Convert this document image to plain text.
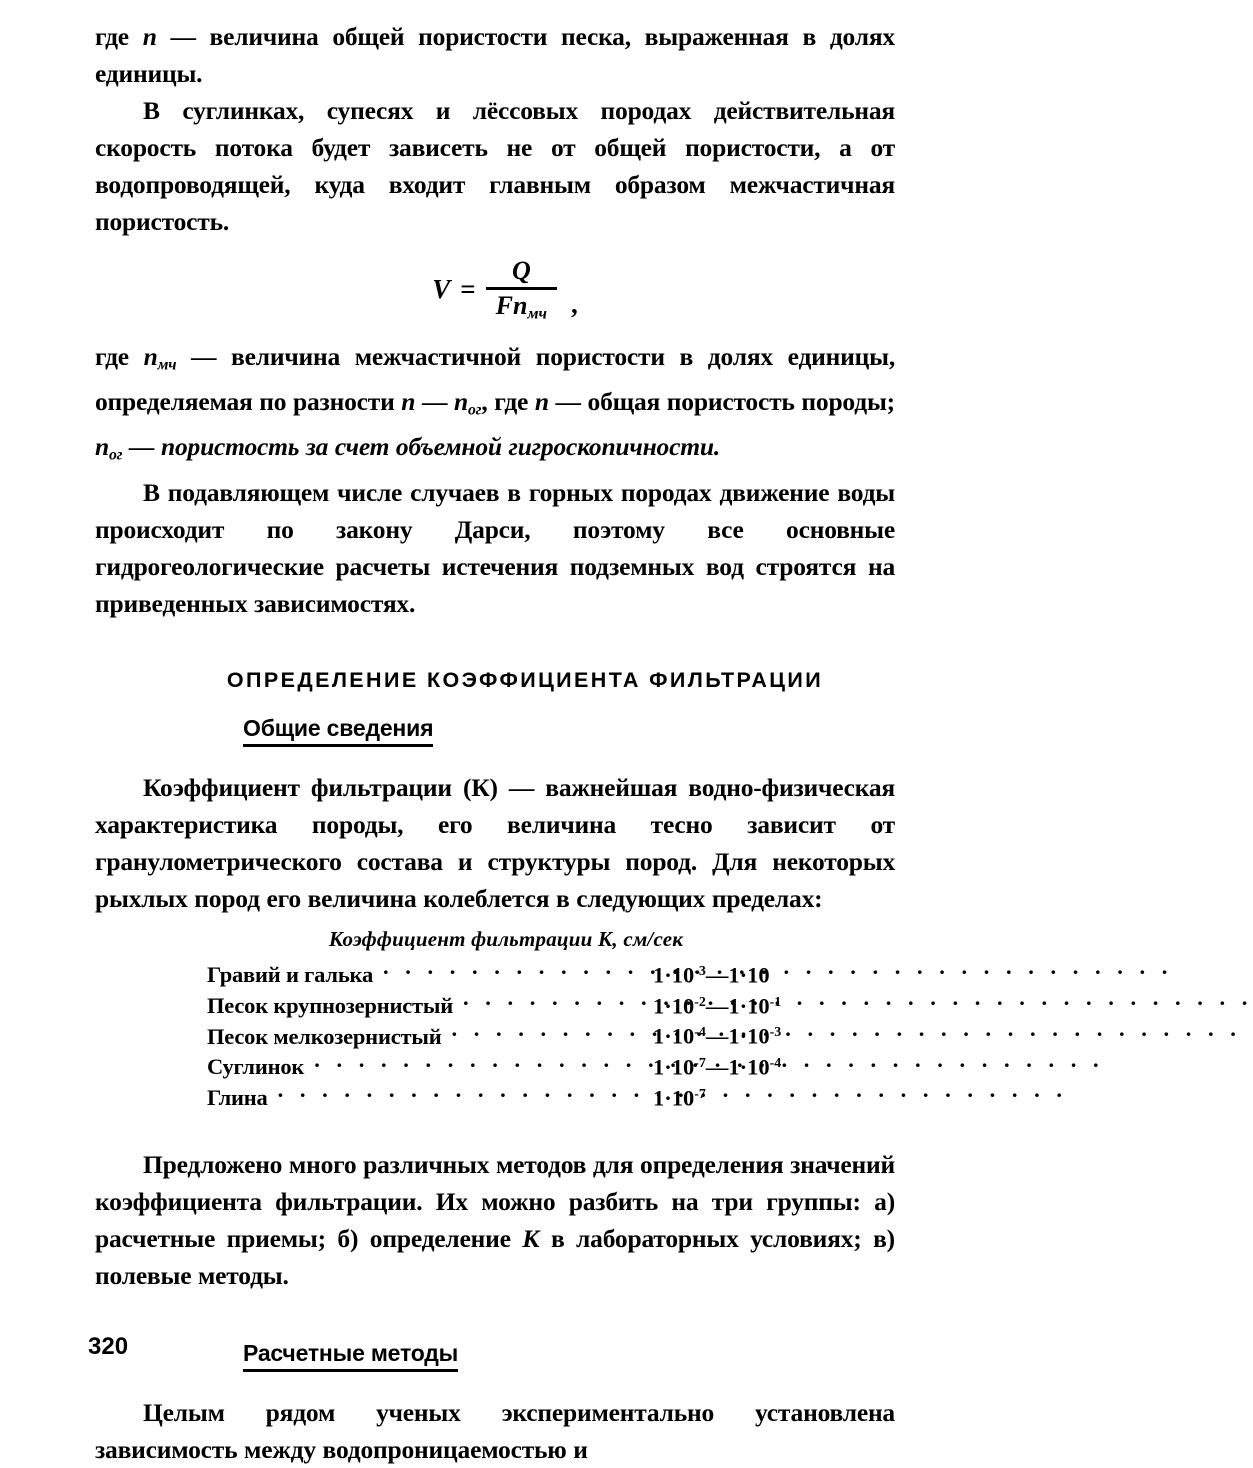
где n — величина общей пористости песка, выраженная в долях единицы.

В суглинках, супесях и лёссовых породах действительная скорость потока будет зависеть не от общей пористости, а от водопроводящей, куда входит главным образом межчастичная пористость.

$V = \frac{Q}{Fn_{мч}}$ ,

где $n_{мч}$ — величина межчастичной пористости в долях единицы, определяемая по разности n — $n_{ог}$, где n — общая пористость породы; $n_{ог}$ — пористость за счет объемной гигроскопичности.

В подавляющем числе случаев в горных породах движение воды происходит по закону Дарси, поэтому все основные гидрогеологические расчеты истечения подземных вод строятся на приведенных зависимостях.

ОПРЕДЕЛЕНИЕ КОЭФФИЦИЕНТА ФИЛЬТРАЦИИ
Общие сведения

Коэффициент фильтрации (К) — важнейшая водно-физическая характеристика породы, его величина тесно зависит от гранулометрического состава и структуры пород. Для некоторых рыхлых пород его величина колеблется в следующих пределах:

Коэффициент фильтрации К, см/сек
Гравий и галька . . .	$1\cdot 10^{-3}—1\cdot 10$
Песок крупнозернистый . . .	$1\cdot 10^{-2}—1\cdot 10^{-1}$
Песок мелкозернистый . . .	$1\cdot 10^{-4}—1\cdot 10^{-3}$
Суглинок . . .	$1\cdot 10^{-7}—1\cdot 10^{-4}$
Глина . . .	$1\cdot 10^{-7}$

Предложено много различных методов для определения значений коэффициента фильтрации. Их можно разбить на три группы: а) расчетные приемы; б) определение К в лабораторных условиях; в) полевые методы.

Расчетные методы

Целым рядом ученых экспериментально установлена зависимость между водопроницаемостью и

320
